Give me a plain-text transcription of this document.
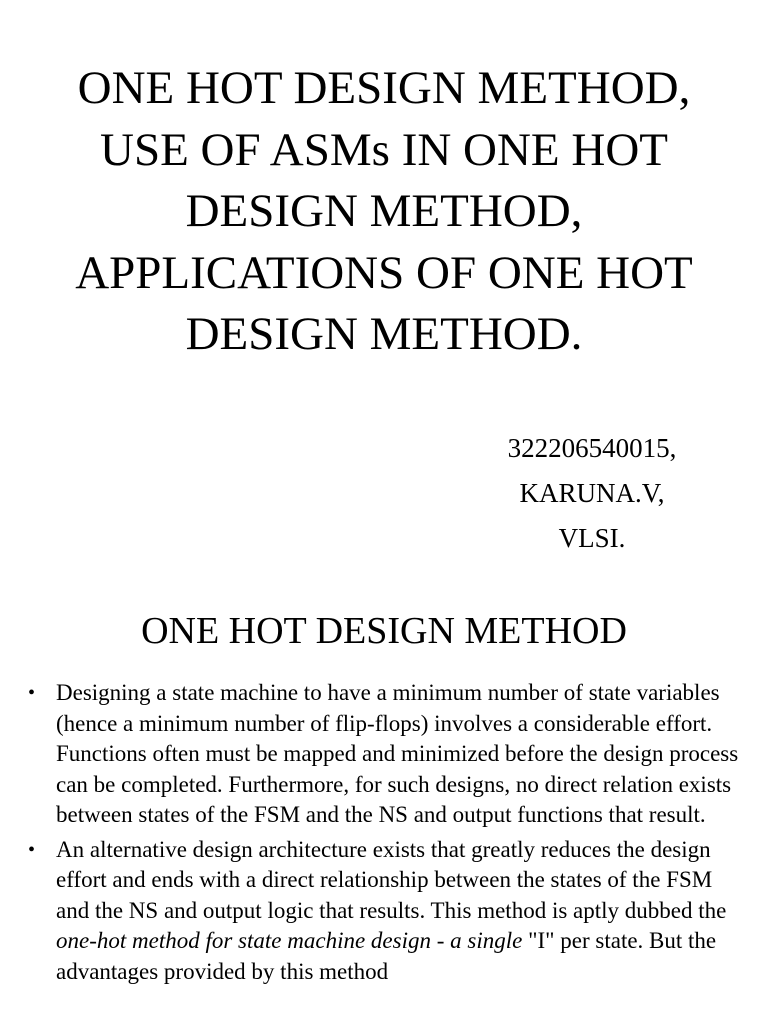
ONE HOT DESIGN METHOD, USE OF ASMs IN ONE HOT DESIGN METHOD, APPLICATIONS OF ONE HOT DESIGN METHOD.
322206540015,
KARUNA.V,
VLSI.
ONE HOT DESIGN METHOD
• Designing a state machine to have a minimum number of state variables (hence a minimum number of flip-flops) involves a considerable effort. Functions often must be mapped and minimized before the design process can be completed. Furthermore, for such designs, no direct relation exists between states of the FSM and the NS and output functions that result.
• An alternative design architecture exists that greatly reduces the design effort and ends with a direct relationship between the states of the FSM and the NS and output logic that results. This method is aptly dubbed the one-hot method for state machine design - a single "I" per state. But the advantages provided by this method
